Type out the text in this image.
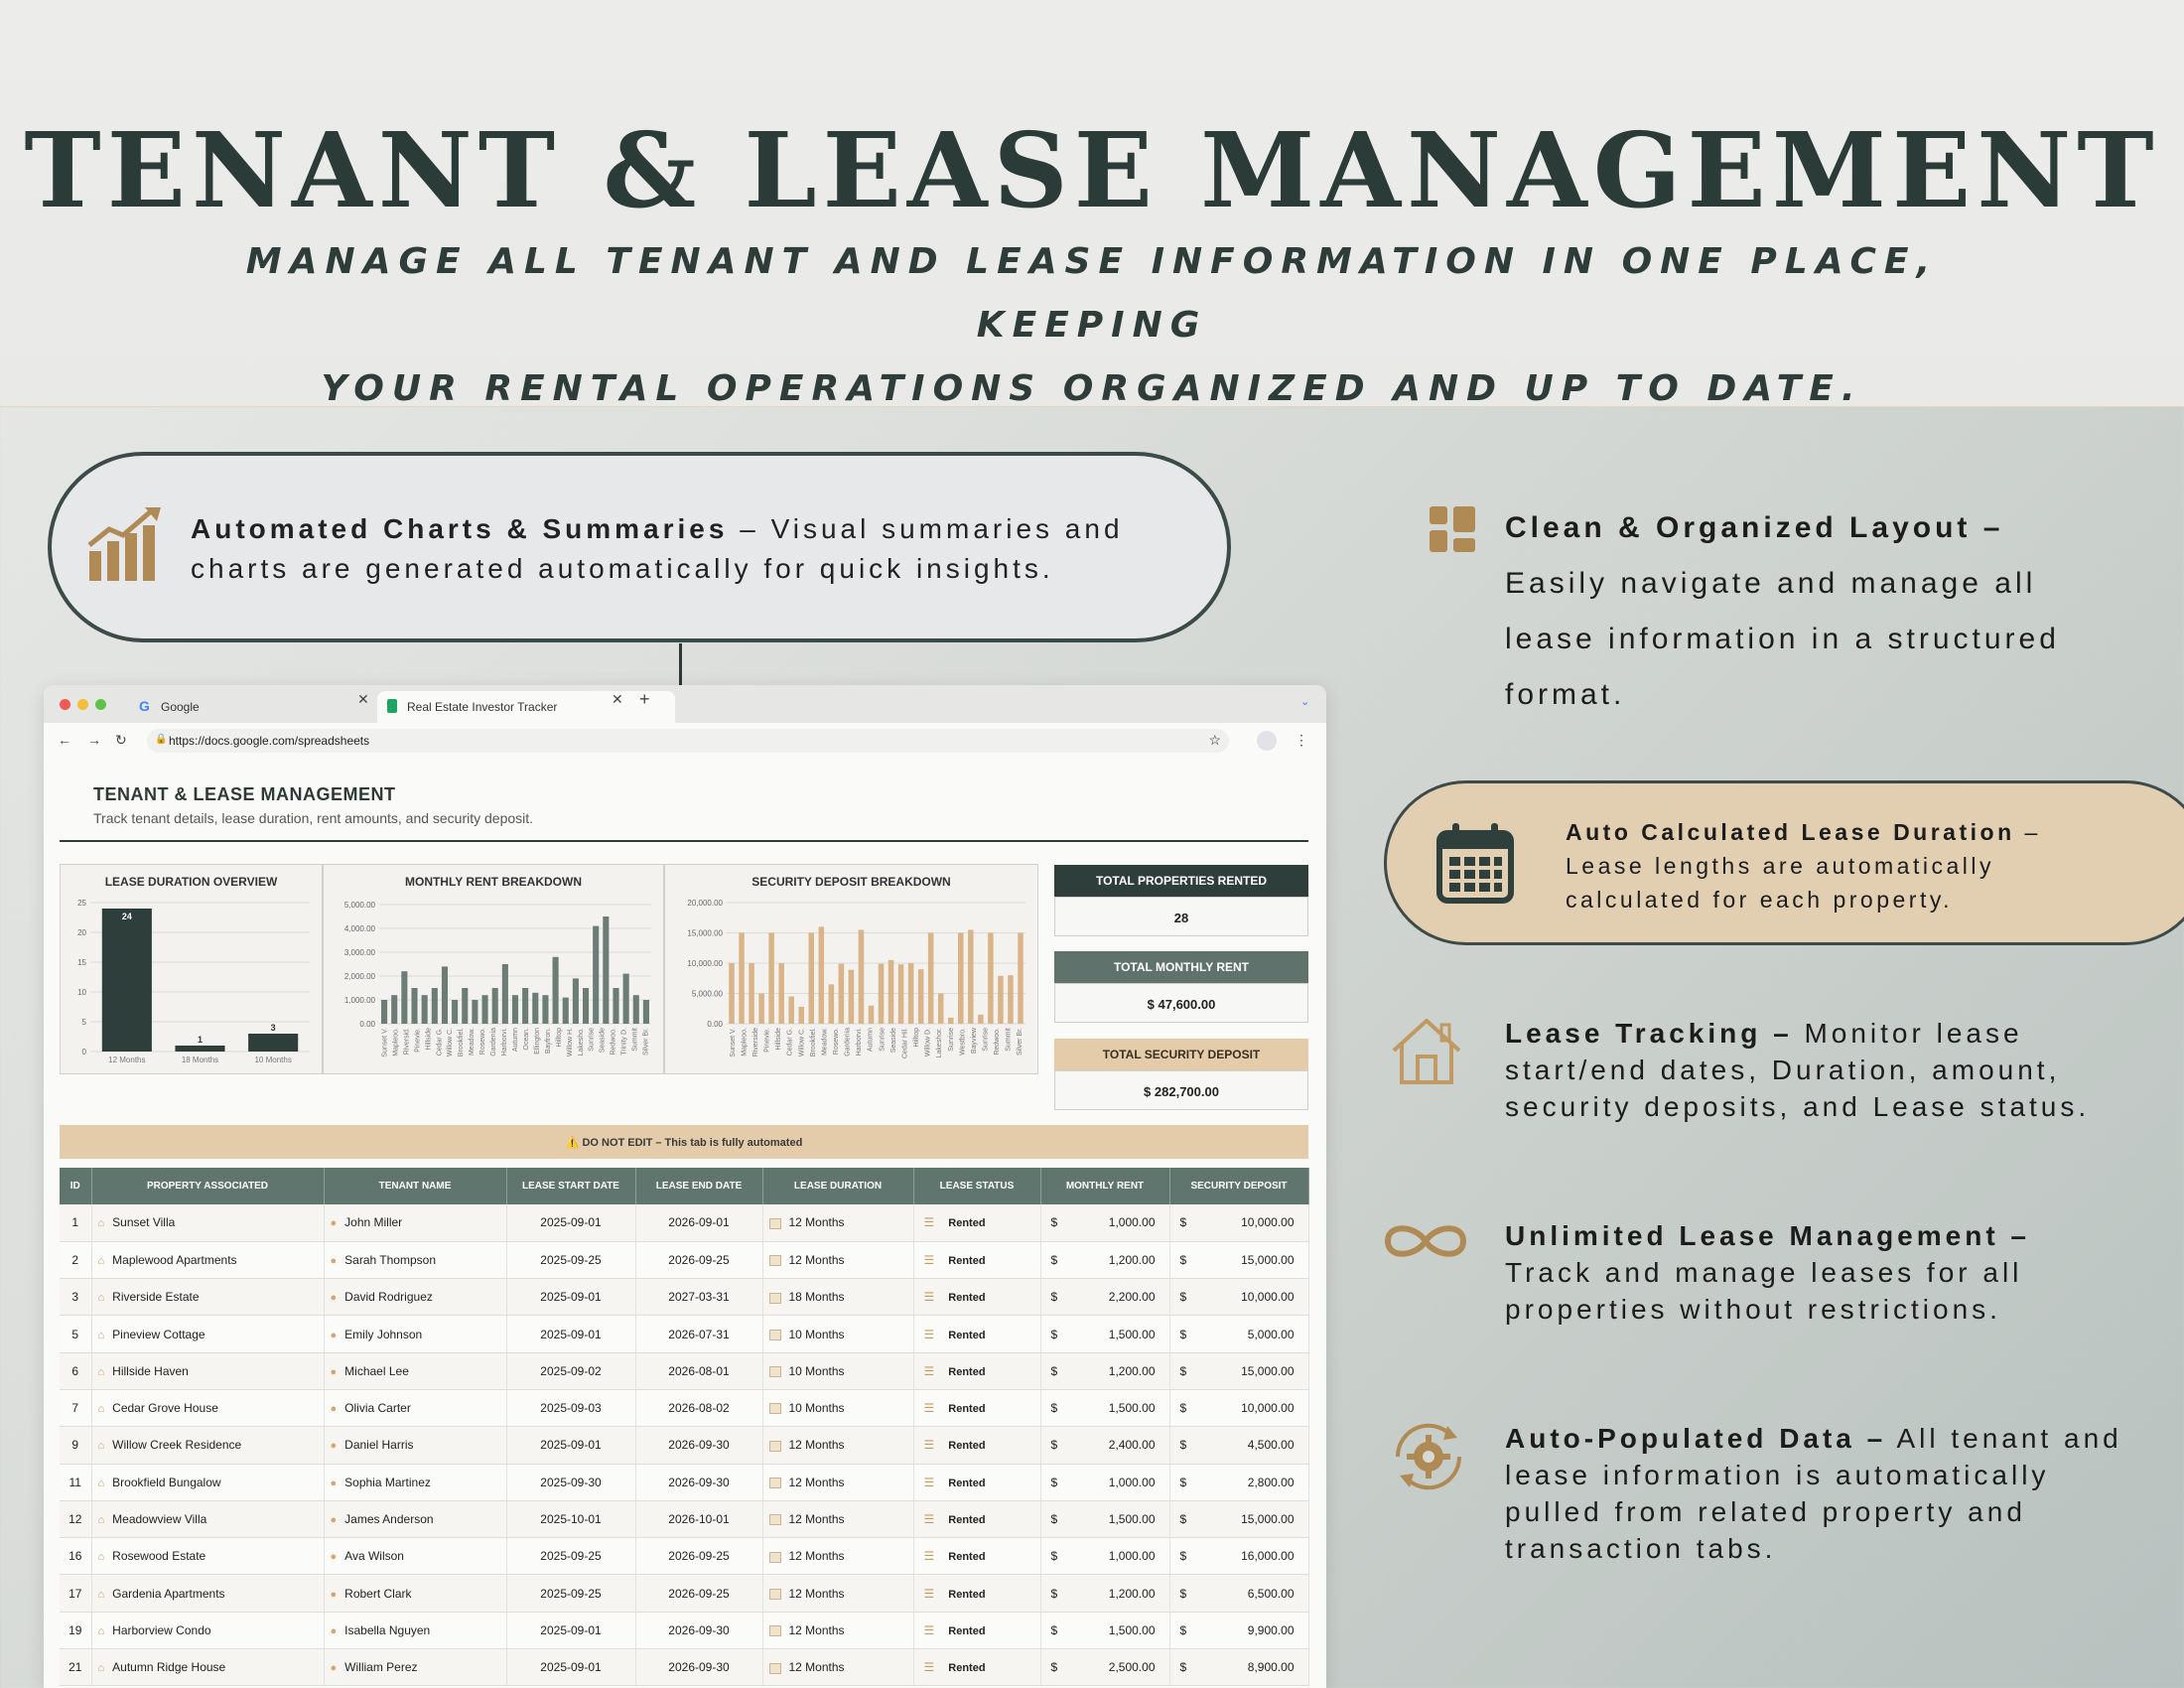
TENANT & LEASE MANAGEMENT
MANAGE ALL TENANT AND LEASE INFORMATION IN ONE PLACE, KEEPING
YOUR RENTAL OPERATIONS ORGANIZED AND UP TO DATE.
Automated Charts & Summaries – Visual summaries and charts are generated automatically for quick insights.
G Google	✕	Real Estate Investor Tracker	✕ +	⌄
← → ↻	🔒 https://docs.google.com/spreadsheets	☆	⋮
TENANT & LEASE MANAGEMENT
Track tenant details, lease duration, rent amounts, and security deposit.
LEASE DURATION OVERVIEW
25
20
15
10
5
0
24
1
3
12 Months	18 Months	10 Months
MONTHLY RENT BREAKDOWN
5,000.00
4,000.00
3,000.00
2,000.00
1,000.00
0.00
Sunset V. Mapleoo. Riversid. Pinevie. Hillside Cedar G. Willow C. Brookfiel. Meadow. Rosewo. Gardenia Harborvi. Autumn Ocean. Ellington Bayfron. Hilltop Willow H. Lakesho. Sunrise Seaside Redwoo. Trinity D. Summit Silver Br.
SECURITY DEPOSIT BREAKDOWN
20,000.00
15,000.00
10,000.00
5,000.00
0.00
Sunset V. Mapleoo. Riverside Pinevie. Hillside Cedar G. Willow C. Brookfiel. Meadow. Rosewo. Gardenia Harborvi. Autumn Sunrise Seaside Cedar Hil. Hilltop Willow D. Lakeshor. Sunrise Westbro. Bayview Sunrise Redwoo. Summit Silver Br.
TOTAL PROPERTIES RENTED
28
TOTAL MONTHLY RENT
$ 47,600.00
TOTAL SECURITY DEPOSIT
$ 282,700.00
⚠️ DO NOT EDIT – This tab is fully automated
ID	PROPERTY ASSOCIATED	TENANT NAME	LEASE START DATE	LEASE END DATE	LEASE DURATION	LEASE STATUS	MONTHLY RENT	SECURITY DEPOSIT
1	⌂ Sunset Villa	● John Miller	2025-09-01	2026-09-01	12 Months	☰ Rented	$ 1,000.00	$ 10,000.00

2	⌂ Maplewood Apartments	● Sarah Thompson	2025-09-25	2026-09-25	12 Months	☰ Rented	$ 1,200.00	$ 15,000.00

3	⌂ Riverside Estate	● David Rodriguez	2025-09-01	2027-03-31	18 Months	☰ Rented	$ 2,200.00	$ 10,000.00

5	⌂ Pineview Cottage	● Emily Johnson	2025-09-01	2026-07-31	10 Months	☰ Rented	$ 1,500.00	$ 5,000.00

6	⌂ Hillside Haven	● Michael Lee	2025-09-02	2026-08-01	10 Months	☰ Rented	$ 1,200.00	$ 15,000.00

7	⌂ Cedar Grove House	● Olivia Carter	2025-09-03	2026-08-02	10 Months	☰ Rented	$ 1,500.00	$ 10,000.00

9	⌂ Willow Creek Residence	● Daniel Harris	2025-09-01	2026-09-30	12 Months	☰ Rented	$ 2,400.00	$ 4,500.00

11	⌂ Brookfield Bungalow	● Sophia Martinez	2025-09-30	2026-09-30	12 Months	☰ Rented	$ 1,000.00	$ 2,800.00

12	⌂ Meadowview Villa	● James Anderson	2025-10-01	2026-10-01	12 Months	☰ Rented	$ 1,500.00	$ 15,000.00

16	⌂ Rosewood Estate	● Ava Wilson	2025-09-25	2026-09-25	12 Months	☰ Rented	$ 1,000.00	$ 16,000.00

17	⌂ Gardenia Apartments	● Robert Clark	2025-09-25	2026-09-25	12 Months	☰ Rented	$ 1,200.00	$ 6,500.00

19	⌂ Harborview Condo	● Isabella Nguyen	2025-09-01	2026-09-30	12 Months	☰ Rented	$ 1,500.00	$ 9,900.00

21	⌂ Autumn Ridge House	● William Perez	2025-09-01	2026-09-30	12 Months	☰ Rented	$ 2,500.00	$ 8,900.00
Clean & Organized Layout –
Easily navigate and manage all
lease information in a structured
format.
Auto Calculated Lease Duration – Lease lengths are automatically calculated for each property.
Lease Tracking – Monitor lease start/end dates, Duration, amount, security deposits, and Lease status.
Unlimited Lease Management – Track and manage leases for all properties without restrictions.
Auto-Populated Data – All tenant and lease information is automatically pulled from related property and transaction tabs.
